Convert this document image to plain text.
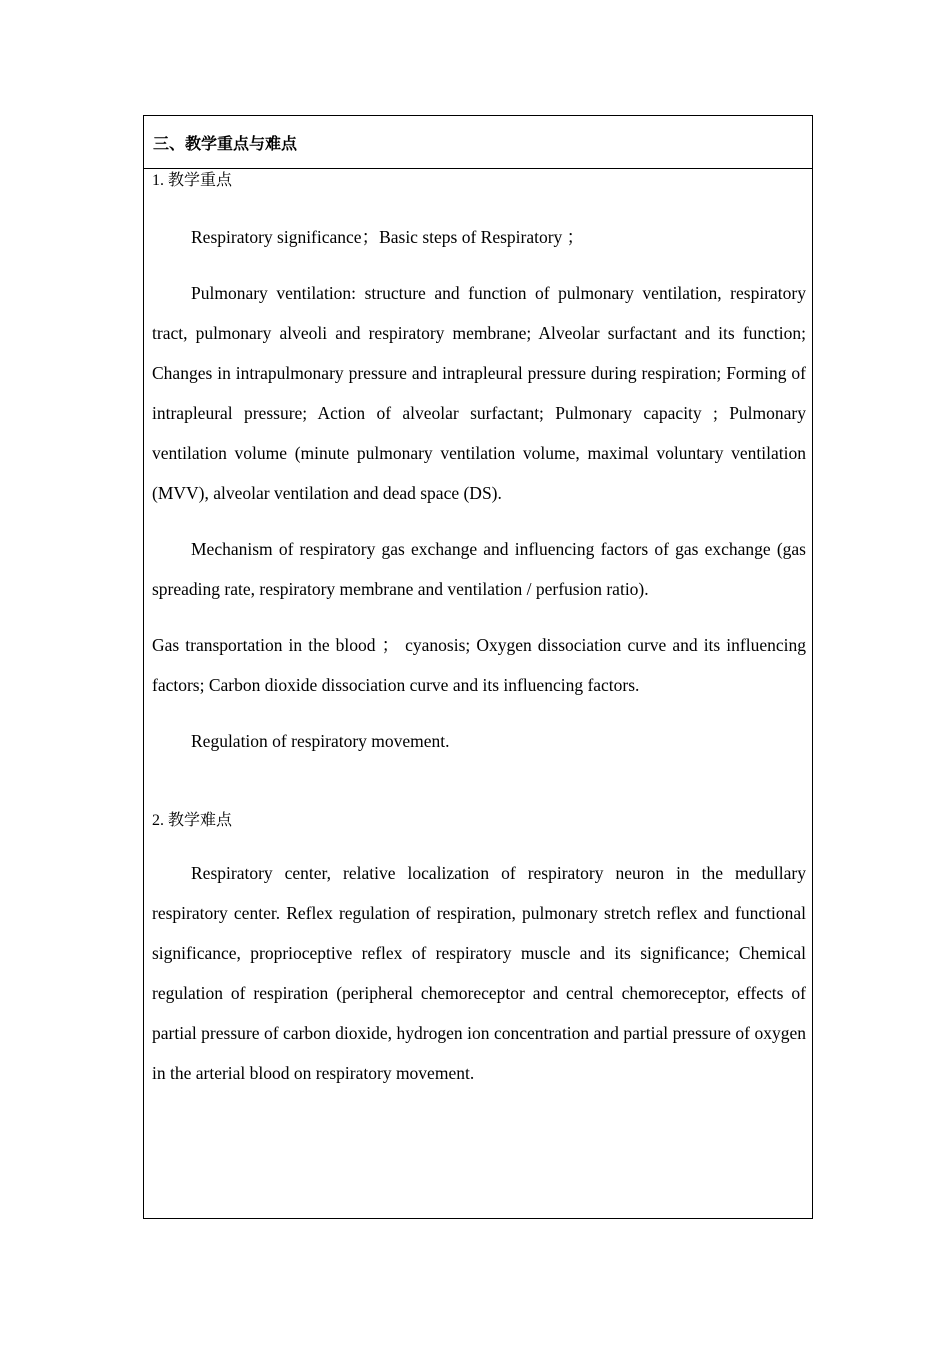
三、教学重点与难点

1. 教学重点

Respiratory significance；Basic steps of Respiratory ；

Pulmonary ventilation: structure and function of pulmonary ventilation, respiratory tract, pulmonary alveoli and respiratory membrane; Alveolar surfactant and its function; Changes in intrapulmonary pressure and intrapleural pressure during respiration; Forming of intrapleural pressure; Action of alveolar surfactant; Pulmonary capacity ; Pulmonary ventilation volume (minute pulmonary ventilation volume, maximal voluntary ventilation (MVV), alveolar ventilation and dead space (DS).

Mechanism of respiratory gas exchange and influencing factors of gas exchange (gas spreading rate, respiratory membrane and ventilation / perfusion ratio).

Gas transportation in the blood ； cyanosis; Oxygen dissociation curve and its influencing factors; Carbon dioxide dissociation curve and its influencing factors.

Regulation of respiratory movement.

2. 教学难点

Respiratory center, relative localization of respiratory neuron in the medullary respiratory center. Reflex regulation of respiration, pulmonary stretch reflex and functional significance, proprioceptive reflex of respiratory muscle and its significance; Chemical regulation of respiration (peripheral chemoreceptor and central chemoreceptor, effects of partial pressure of carbon dioxide, hydrogen ion concentration and partial pressure of oxygen in the arterial blood on respiratory movement.
